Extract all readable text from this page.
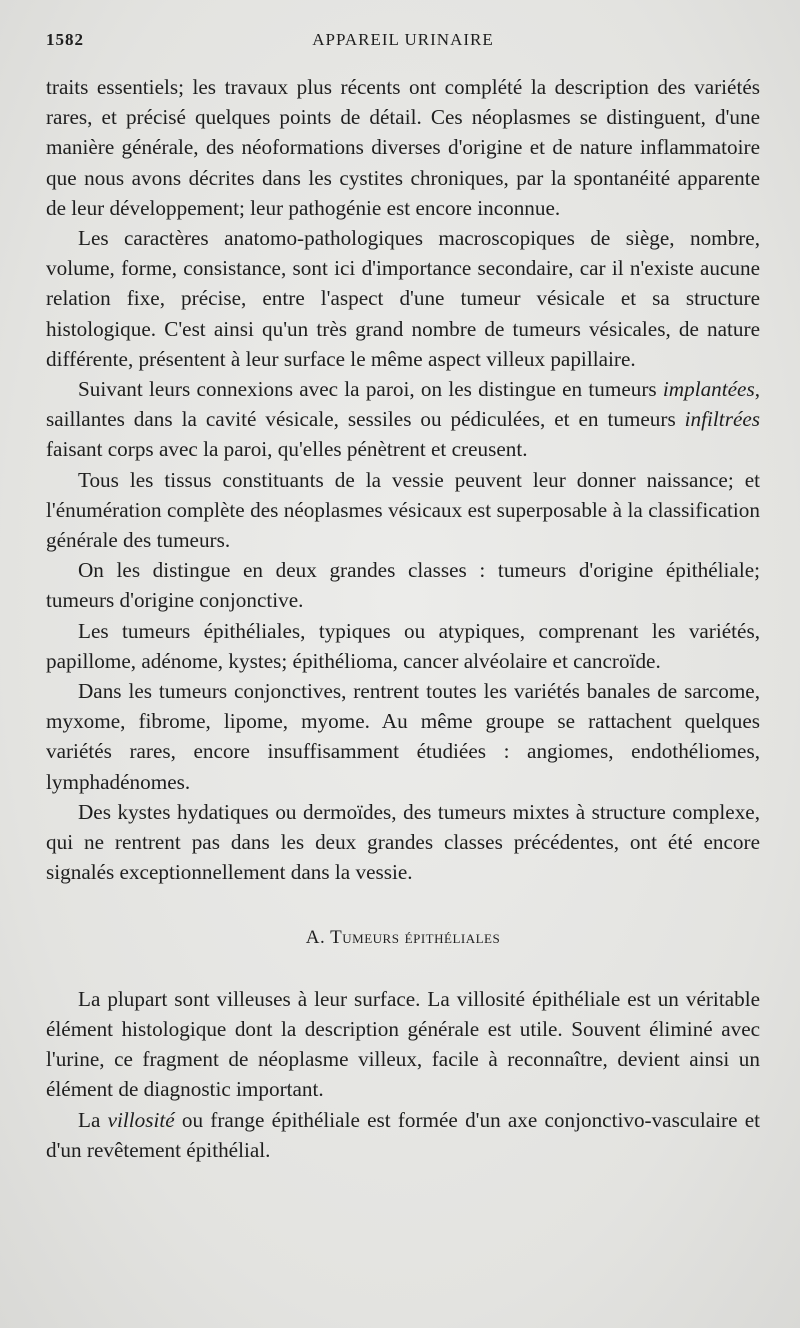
1582	APPAREIL URINAIRE

traits essentiels; les travaux plus récents ont complété la description des variétés rares, et précisé quelques points de détail. Ces néoplasmes se distinguent, d'une manière générale, des néoformations diverses d'origine et de nature inflammatoire que nous avons décrites dans les cystites chroniques, par la spontanéité apparente de leur développement; leur pathogénie est encore inconnue.

Les caractères anatomo-pathologiques macroscopiques de siège, nombre, volume, forme, consistance, sont ici d'importance secondaire, car il n'existe aucune relation fixe, précise, entre l'aspect d'une tumeur vésicale et sa structure histologique. C'est ainsi qu'un très grand nombre de tumeurs vésicales, de nature différente, présentent à leur surface le même aspect villeux papillaire.

Suivant leurs connexions avec la paroi, on les distingue en tumeurs implantées, saillantes dans la cavité vésicale, sessiles ou pédiculées, et en tumeurs infiltrées faisant corps avec la paroi, qu'elles pénètrent et creusent.

Tous les tissus constituants de la vessie peuvent leur donner naissance; et l'énumération complète des néoplasmes vésicaux est superposable à la classification générale des tumeurs.

On les distingue en deux grandes classes : tumeurs d'origine épithéliale; tumeurs d'origine conjonctive.

Les tumeurs épithéliales, typiques ou atypiques, comprenant les variétés, papillome, adénome, kystes; épithélioma, cancer alvéolaire et cancroïde.

Dans les tumeurs conjonctives, rentrent toutes les variétés banales de sarcome, myxome, fibrome, lipome, myome. Au même groupe se rattachent quelques variétés rares, encore insuffisamment étudiées : angiomes, endothéliomes, lymphadénomes.

Des kystes hydatiques ou dermoïdes, des tumeurs mixtes à structure complexe, qui ne rentrent pas dans les deux grandes classes précédentes, ont été encore signalés exceptionnellement dans la vessie.

A. Tumeurs épithéliales

La plupart sont villeuses à leur surface. La villosité épithéliale est un véritable élément histologique dont la description générale est utile. Souvent éliminé avec l'urine, ce fragment de néoplasme villeux, facile à reconnaître, devient ainsi un élément de diagnostic important.

La villosité ou frange épithéliale est formée d'un axe conjonctivo-vasculaire et d'un revêtement épithélial.
